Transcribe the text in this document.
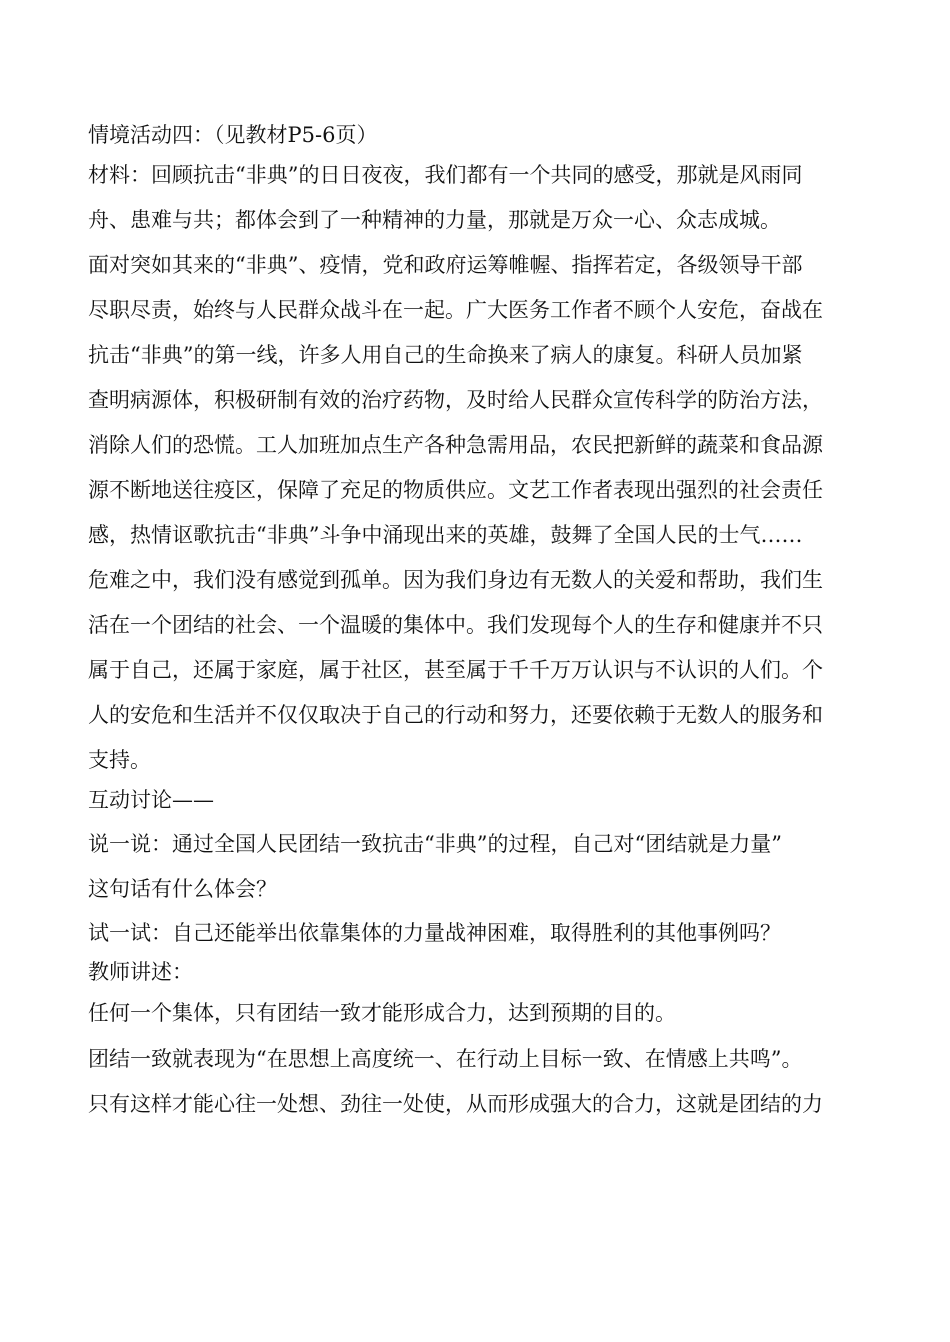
情境活动四：（见教材P5-6页）

材料：回顾抗击“非典”的日日夜夜，我们都有一个共同的感受，那就是风雨同
舟、患难与共；都体会到了一种精神的力量，那就是万众一心、众志成城。

面对突如其来的“非典”、疫情，党和政府运筹帷幄、指挥若定，各级领导干部
尽职尽责，始终与人民群众战斗在一起。广大医务工作者不顾个人安危，奋战在
抗击“非典”的第一线，许多人用自己的生命换来了病人的康复。科研人员加紧
查明病源体，积极研制有效的治疗药物，及时给人民群众宣传科学的防治方法，
消除人们的恐慌。工人加班加点生产各种急需用品，农民把新鲜的蔬菜和食品源
源不断地送往疫区，保障了充足的物质供应。文艺工作者表现出强烈的社会责任
感，热情讴歌抗击“非典”斗争中涌现出来的英雄，鼓舞了全国人民的士气……

危难之中，我们没有感觉到孤单。因为我们身边有无数人的关爱和帮助，我们生
活在一个团结的社会、一个温暖的集体中。我们发现每个人的生存和健康并不只
属于自己，还属于家庭，属于社区，甚至属于千千万万认识与不认识的人们。个
人的安危和生活并不仅仅取决于自己的行动和努力，还要依赖于无数人的服务和
支持。

互动讨论——

说一说：通过全国人民团结一致抗击“非典”的过程，自己对“团结就是力量”
这句话有什么体会？

试一试：自己还能举出依靠集体的力量战神困难，取得胜利的其他事例吗？

教师讲述：

任何一个集体，只有团结一致才能形成合力，达到预期的目的。

团结一致就表现为“在思想上高度统一、在行动上目标一致、在情感上共鸣”。
只有这样才能心往一处想、劲往一处使，从而形成强大的合力，这就是团结的力
